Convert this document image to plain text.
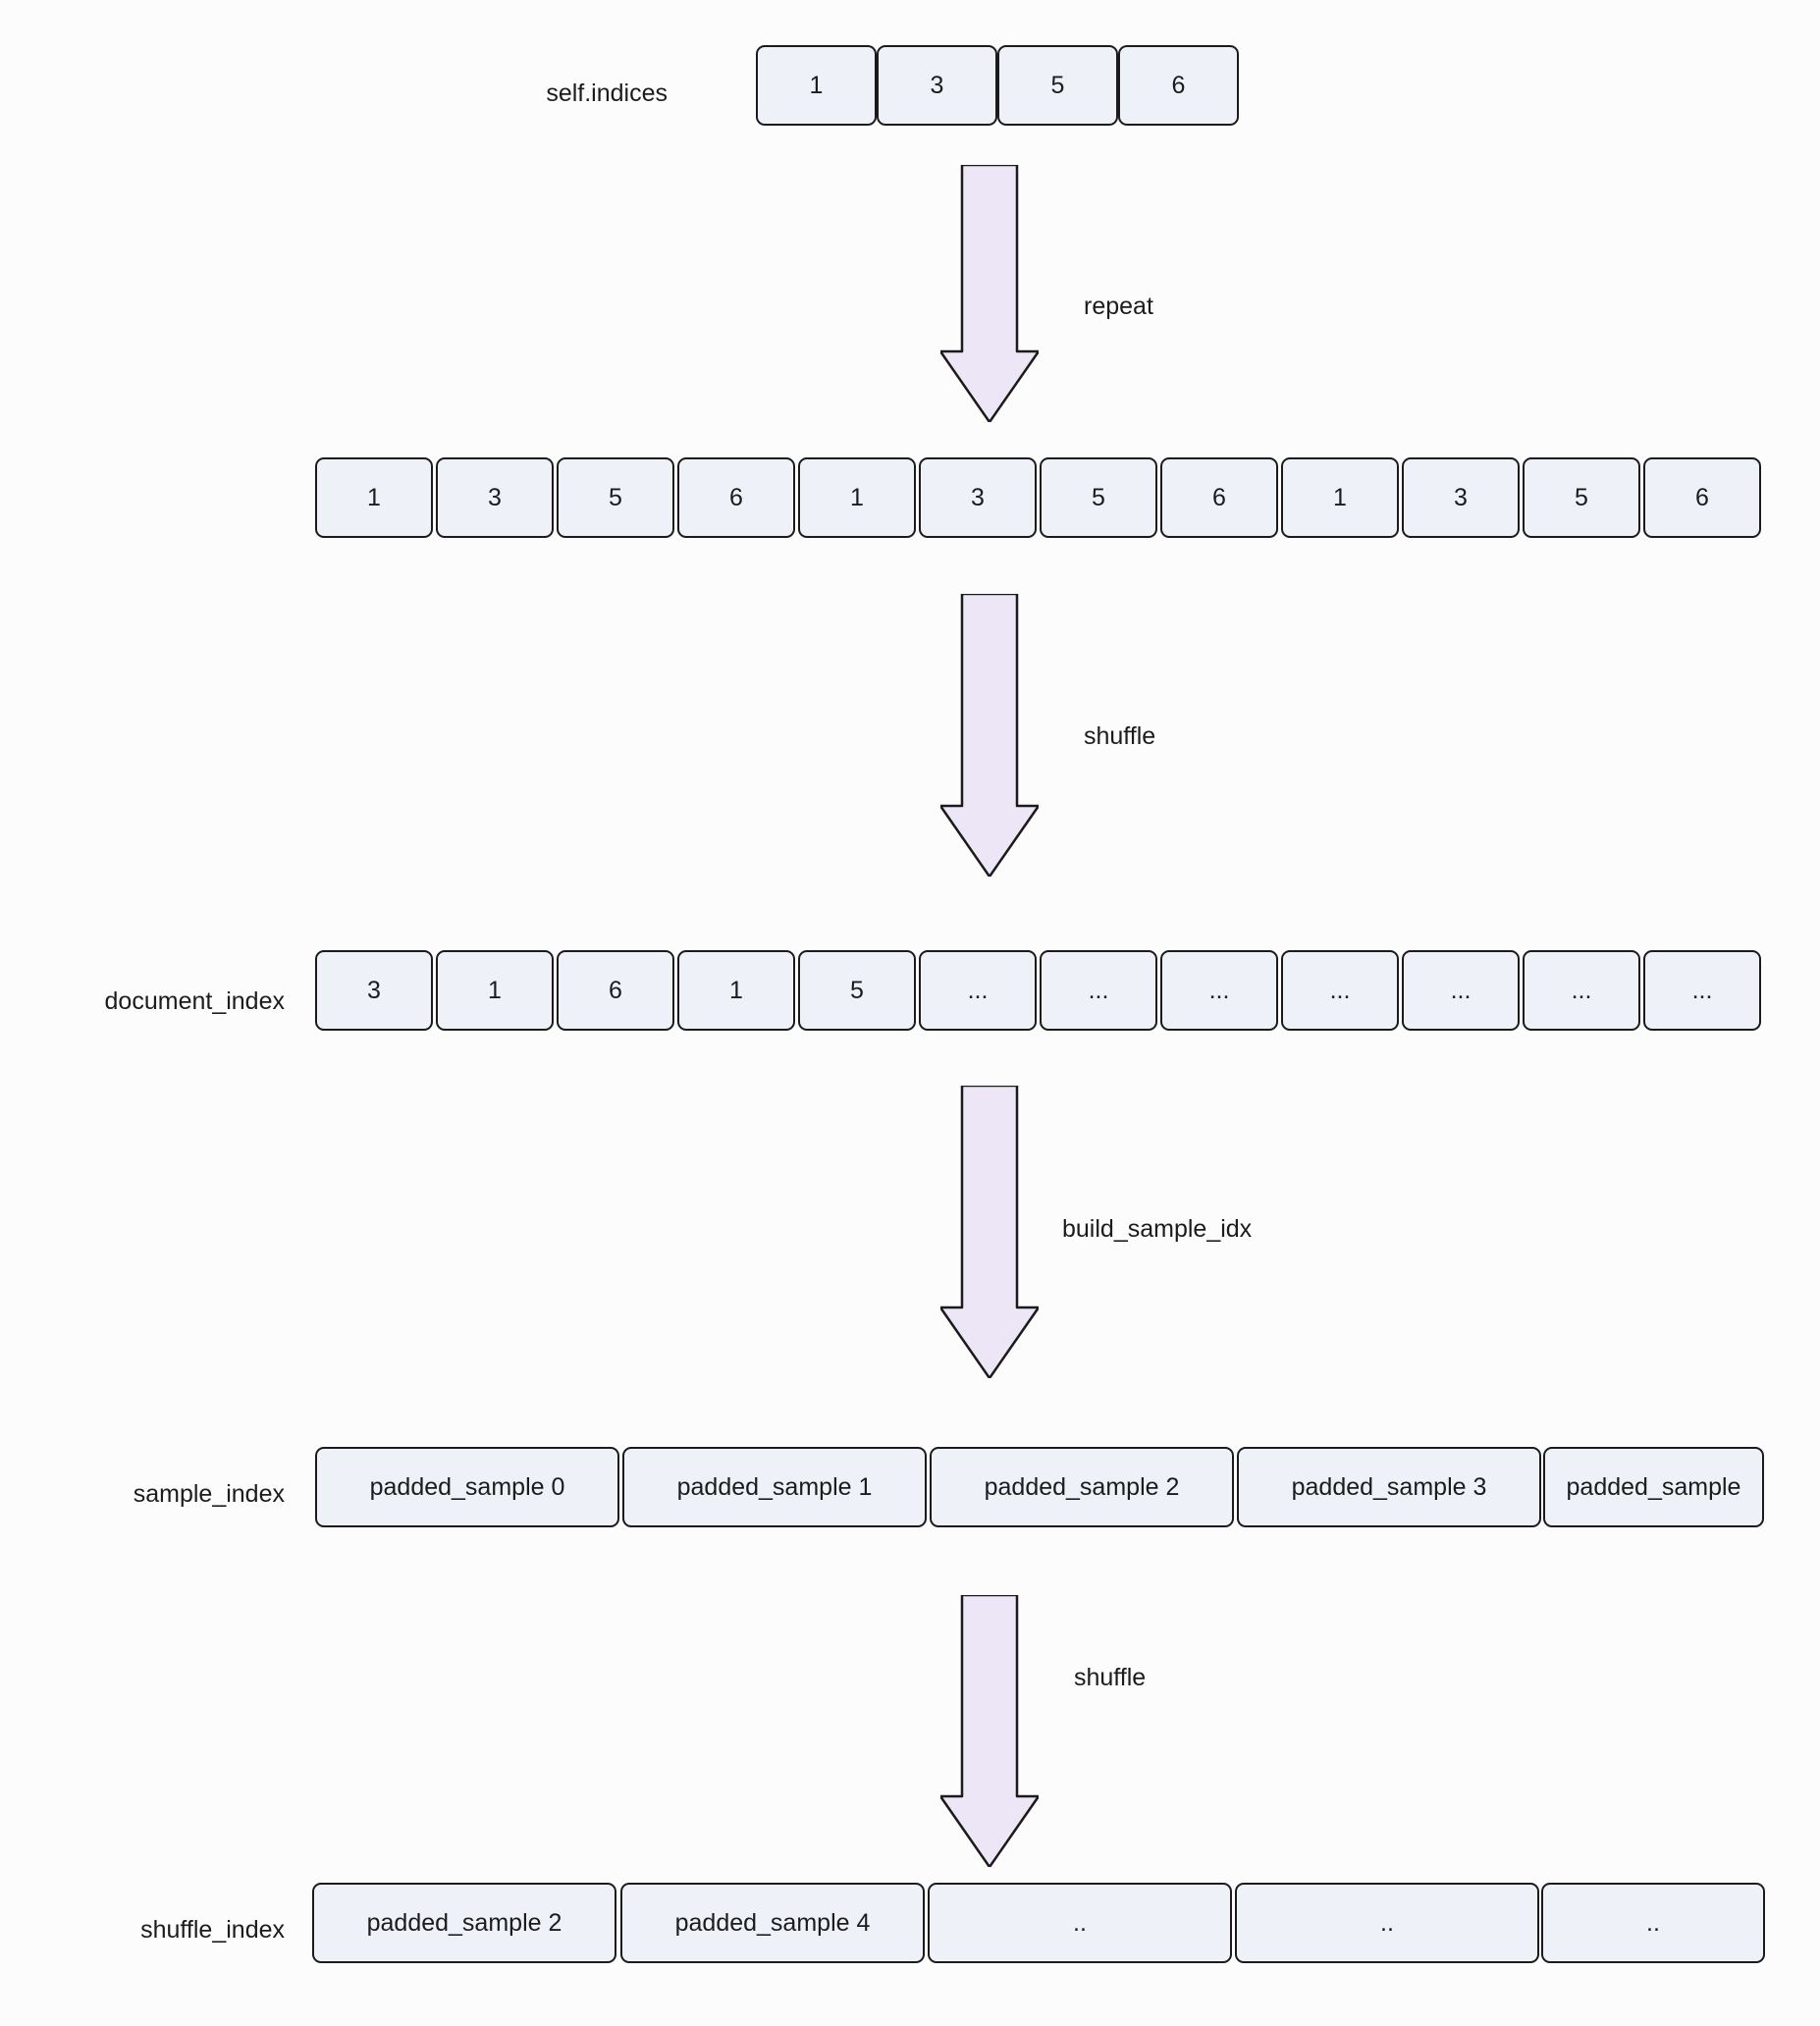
self.indices	1	3	5	6
repeat
1	3	5	6	1	3	5	6	1	3	5	6
shuffle
document_index	3	1	6	1	5	...	...	...	...	...	...	...
build_sample_idx
sample_index	padded_sample 0	padded_sample 1	padded_sample 2	padded_sample 3	padded_sample
shuffle
shuffle_index	padded_sample 2	padded_sample 4	..	..	..
